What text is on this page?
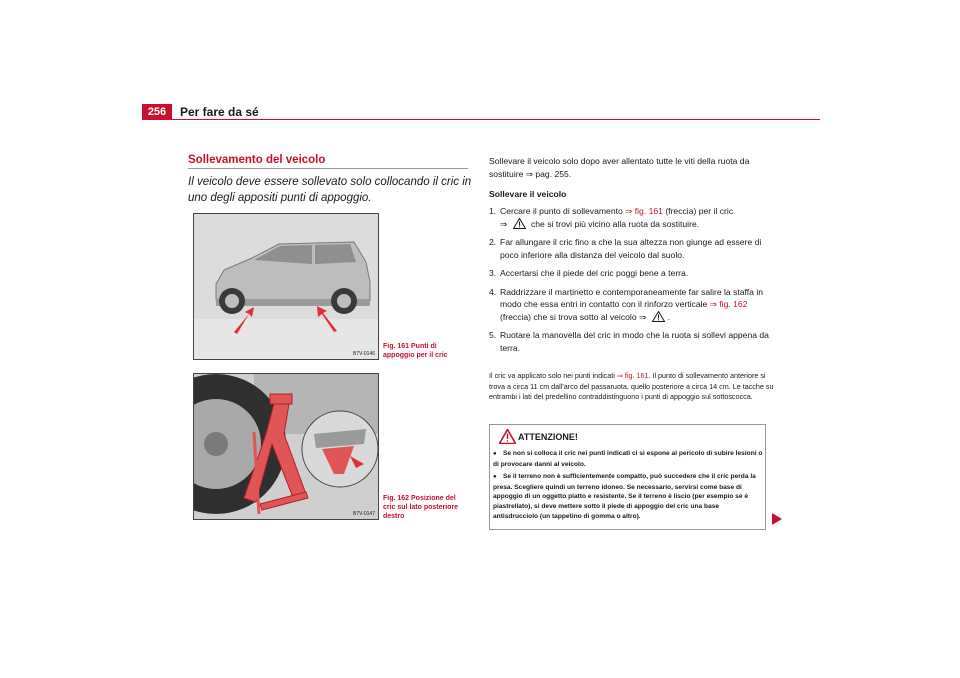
256 Per fare da sé
Sollevamento del veicolo
Il veicolo deve essere sollevato solo collocando il cric in uno degli appositi punti di appoggio.
B7V-0146
Fig. 161 Punti di appoggio per il cric
B7V-0147
Fig. 162 Posizione del cric sul lato posteriore destro
Sollevare il veicolo solo dopo aver allentato tutte le viti della ruota da sostituire ⇒ pag. 255.
Sollevare il veicolo
1. Cercare il punto di sollevamento ⇒ fig. 161 (freccia) per il cric
⇒  che si trovi più vicino alla ruota da sostituire.
2. Far allungare il cric fino a che la sua altezza non giunge ad essere di poco inferiore alla distanza del veicolo dal suolo.
3. Accertarsi che il piede del cric poggi bene a terra.
4. Raddrizzare il martinetto e contemporaneamente far salire la staffa in modo che essa entri in contatto con il rinforzo verticale ⇒ fig. 162 (freccia) che si trova sotto al veicolo ⇒ .
5. Ruotare la manovella del cric in modo che la ruota si sollevi appena da terra.
Il cric va applicato solo nei punti indicati ⇒ fig. 161. Il punto di sollevamento anteriore si trova a circa 11 cm dall'arco del passaruota, quello posteriore a circa 14 cm. Le tacche su entrambi i lati del predellino contraddistinguono i punti di appoggio sul sottoscocca.
ATTENZIONE!
● Se non si colloca il cric nei punti indicati ci si espone al pericolo di subire lesioni o di provocare danni al veicolo.
● Se il terreno non è sufficientemente compatto, può succedere che il cric perda la presa. Scegliere quindi un terreno idoneo. Se necessario, servirsi come base di appoggio di un oggetto piatto e resistente. Se il terreno è liscio (per esempio se è piastrellato), si deve mettere sotto il piede di appoggio del cric una base antisdrucciolo (un tappetino di gomma o altro).
